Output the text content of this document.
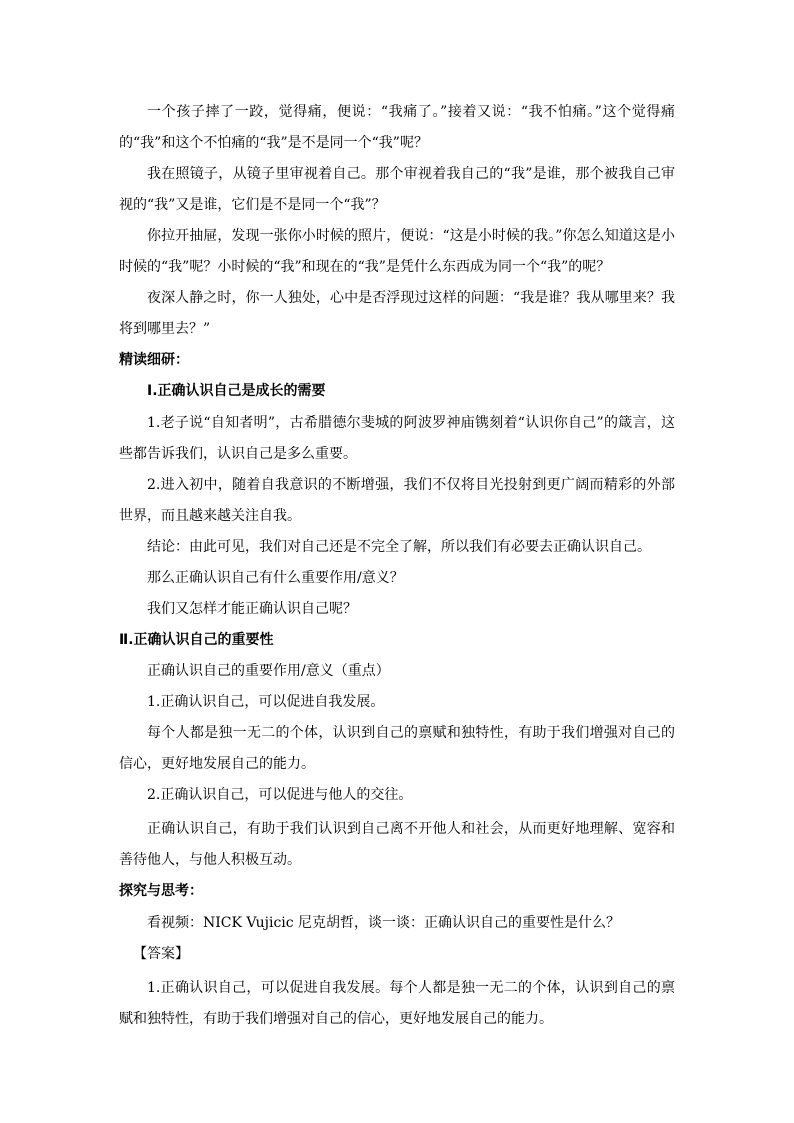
一个孩子摔了一跤，觉得痛，便说：“我痛了。”接着又说：“我不怕痛。”这个觉得痛的“我”和这个不怕痛的“我”是不是同一个“我”呢？
我在照镜子，从镜子里审视着自己。那个审视着我自己的“我”是谁，那个被我自己审视的“我”又是谁，它们是不是同一个“我”？
你拉开抽屉，发现一张你小时候的照片，便说：“这是小时候的我。”你怎么知道这是小时候的“我”呢？小时候的“我”和现在的“我”是凭什么东西成为同一个“我”的呢？
夜深人静之时，你一人独处，心中是否浮现过这样的问题：“我是谁？我从哪里来？我将到哪里去？”
精读细研：
Ⅰ.正确认识自己是成长的需要
1.老子说“自知者明”，古希腊德尔斐城的阿波罗神庙镌刻着“认识你自己”的箴言，这些都告诉我们，认识自己是多么重要。
2.进入初中，随着自我意识的不断增强，我们不仅将目光投射到更广阔而精彩的外部世界，而且越来越关注自我。
结论：由此可见，我们对自己还是不完全了解，所以我们有必要去正确认识自己。
那么正确认识自己有什么重要作用/意义？
我们又怎样才能正确认识自己呢？
Ⅱ.正确认识自己的重要性
正确认识自己的重要作用/意义（重点）
1.正确认识自己，可以促进自我发展。
每个人都是独一无二的个体，认识到自己的禀赋和独特性，有助于我们增强对自己的信心，更好地发展自己的能力。
2.正确认识自己，可以促进与他人的交往。
正确认识自己，有助于我们认识到自己离不开他人和社会，从而更好地理解、宽容和善待他人，与他人积极互动。
探究与思考：
看视频：NICK Vujicic 尼克胡哲，谈一谈：正确认识自己的重要性是什么？
【答案】
1.正确认识自己，可以促进自我发展。每个人都是独一无二的个体，认识到自己的禀赋和独特性，有助于我们增强对自己的信心，更好地发展自己的能力。
